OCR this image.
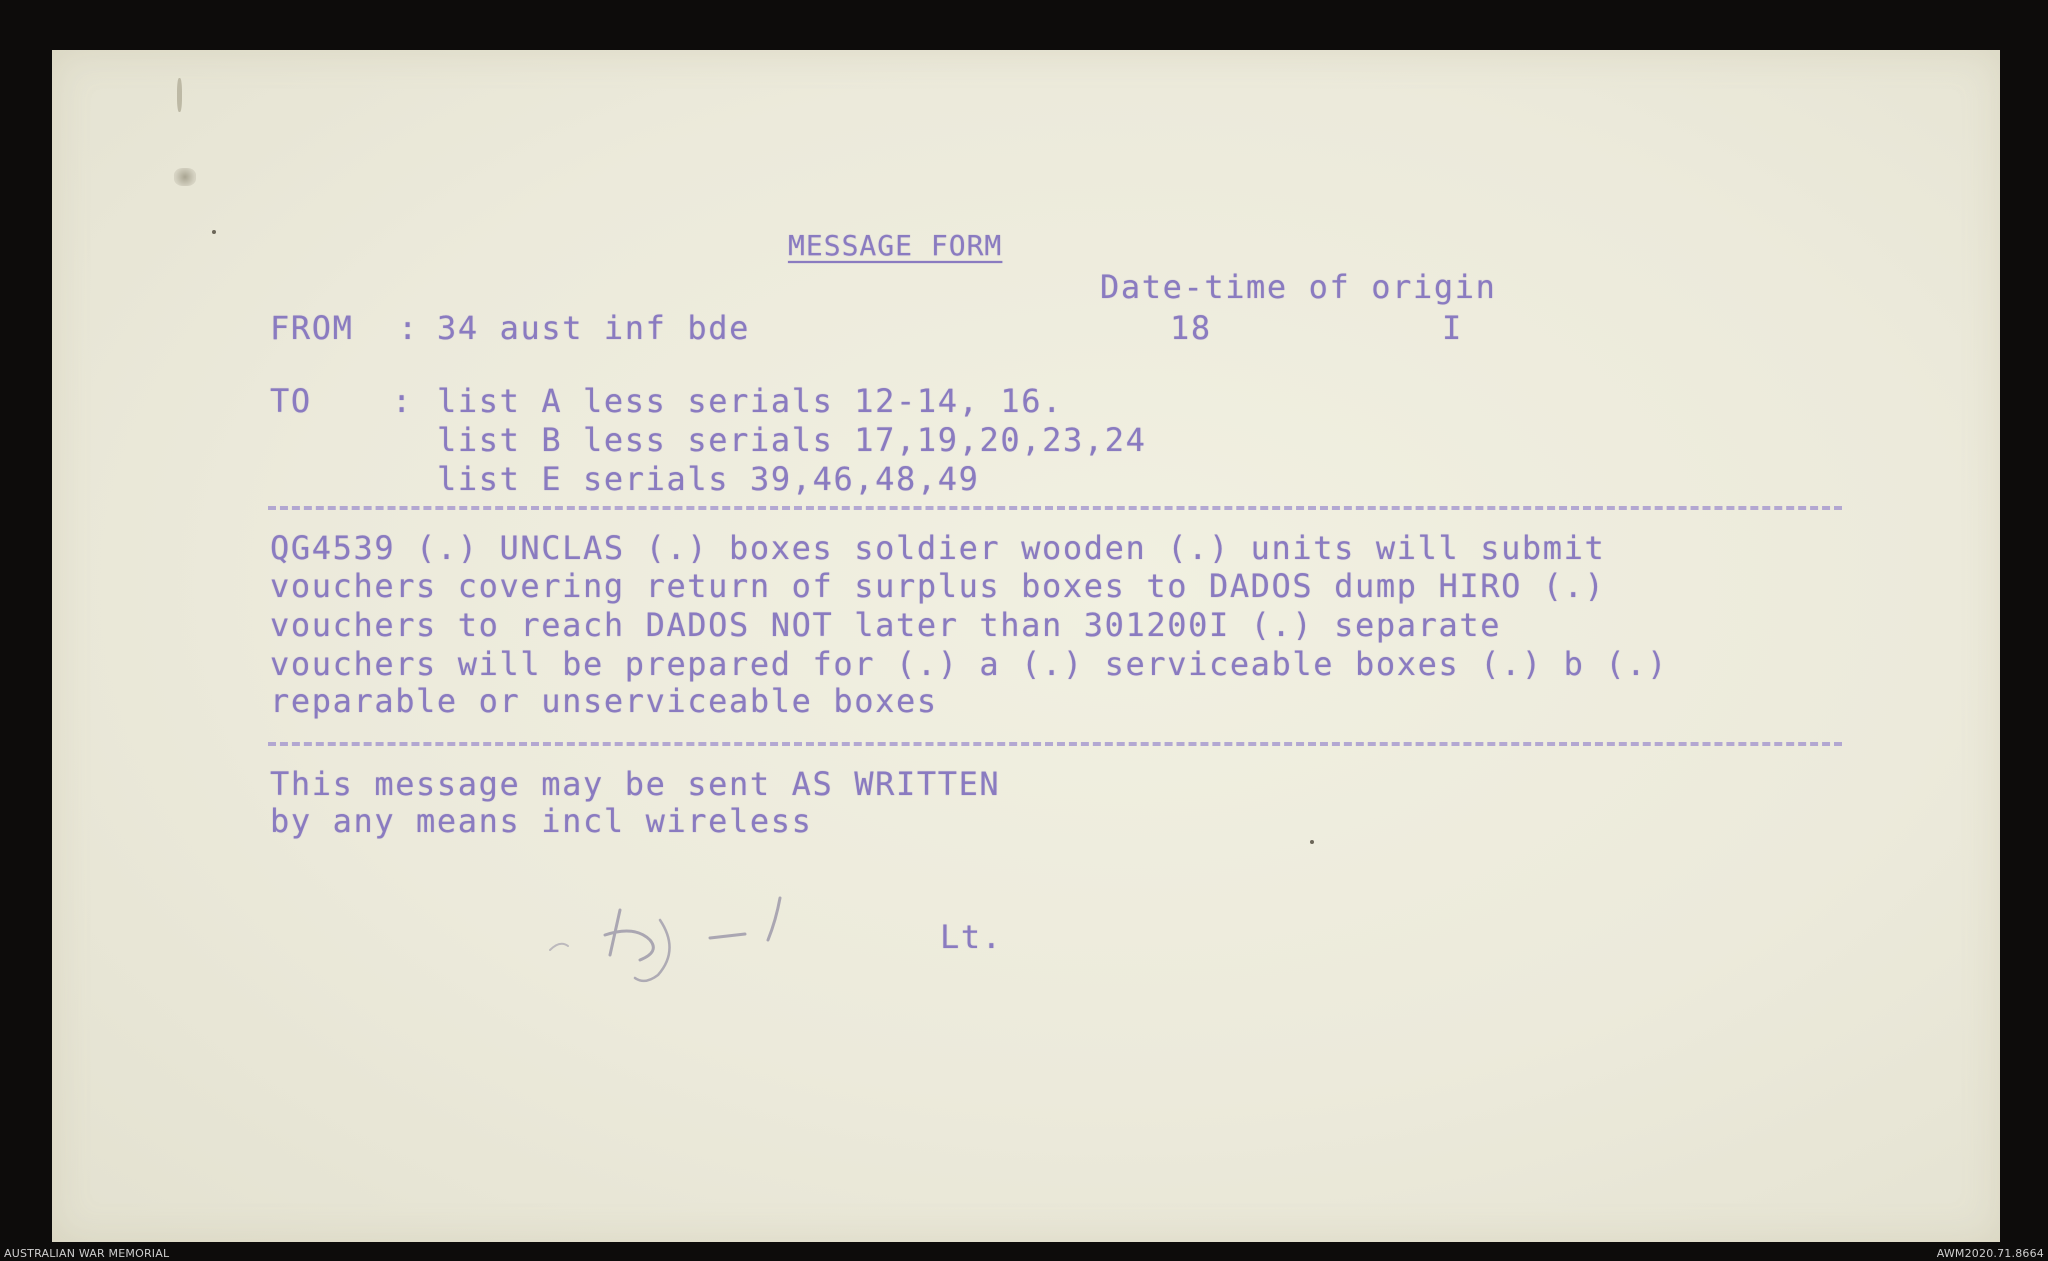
MESSAGE FORM
Date-time of origin
FROM : 34 aust inf bde	18	I
TO	: list A less serials 12-14, 16.
list B less serials 17,19,20,23,24
list E serials 39,46,48,49
QG4539 (.) UNCLAS (.) boxes soldier wooden (.) units will submit
vouchers covering return of surplus boxes to DADOS dump HIRO (.)
vouchers to reach DADOS NOT later than 301200I (.) separate
vouchers will be prepared for (.) a (.) serviceable boxes (.) b (.)
reparable or unserviceable boxes
This message may be sent AS WRITTEN
by any means incl wireless
Lt.
AUSTRALIAN WAR MEMORIAL	AWM2020.71.8664
